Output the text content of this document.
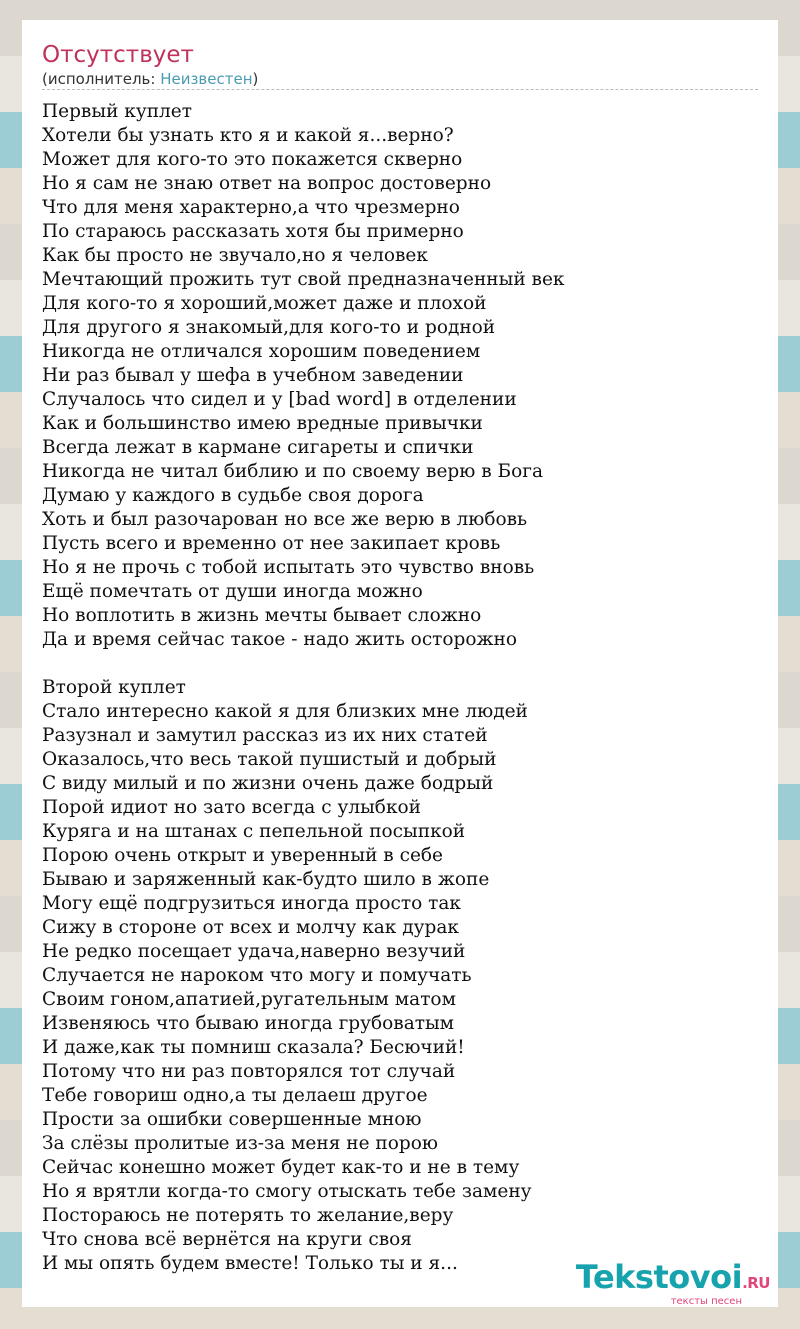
Отсутствует
(исполнитель: Неизвестен)
Первый куплет
Хотели бы узнать кто я и какой я...верно?
Может для кого-то это покажется скверно
Но я сам не знаю ответ на вопрос достоверно
Что для меня характерно,а что чрезмерно
По стараюсь рассказать хотя бы примерно
Как бы просто не звучало,но я человек
Мечтающий прожить тут свой предназначенный век
Для кого-то я хороший,может даже и плохой
Для другого я знакомый,для кого-то и родной
Никогда не отличался хорошим поведением
Ни раз бывал у шефа в учебном заведении
Случалось что сидел и у [bad word] в отделении
Как и большинство имею вредные привычки
Всегда лежат в кармане сигареты и спички
Никогда не читал библию и по своему верю в Бога
Думаю у каждого в судьбе своя дорога
Хоть и был разочарован но все же верю в любовь
Пусть всего и временно от нее закипает кровь
Но я не прочь с тобой испытать это чувство вновь
Ещё помечтать от души иногда можно
Но воплотить в жизнь мечты бывает сложно
Да и время сейчас такое - надо жить осторожно
Второй куплет
Стало интересно какой я для близких мне людей
Разузнал и замутил рассказ из их них статей
Оказалось,что весь такой пушистый и добрый
С виду милый и по жизни очень даже бодрый
Порой идиот но зато всегда с улыбкой
Куряга и на штанах с пепельной посыпкой
Порою очень открыт и уверенный в себе
Бываю и заряженный как-будто шило в жопе
Могу ещё подгрузиться иногда просто так
Сижу в стороне от всех и молчу как дурак
Не редко посещает удача,наверно везучий
Случается не нароком что могу и помучать
Своим гоном,апатией,ругательным матом
Извеняюсь что бываю иногда грубоватым
И даже,как ты помниш сказала? Бесючий!
Потому что ни раз повторялся тот случай
Тебе говориш одно,а ты делаеш другое
Прости за ошибки совершенные мною
За слёзы пролитые из-за меня не порою
Сейчас конешно может будет как-то и не в тему
Но я врятли когда-то смогу отыскать тебе замену
Посторaюсь не потерять то желание,веру
Что снова всё вернётся на круги своя
И мы опять будем вместе! Только ты и я...	Tekstovoi.RU
тексты песен
